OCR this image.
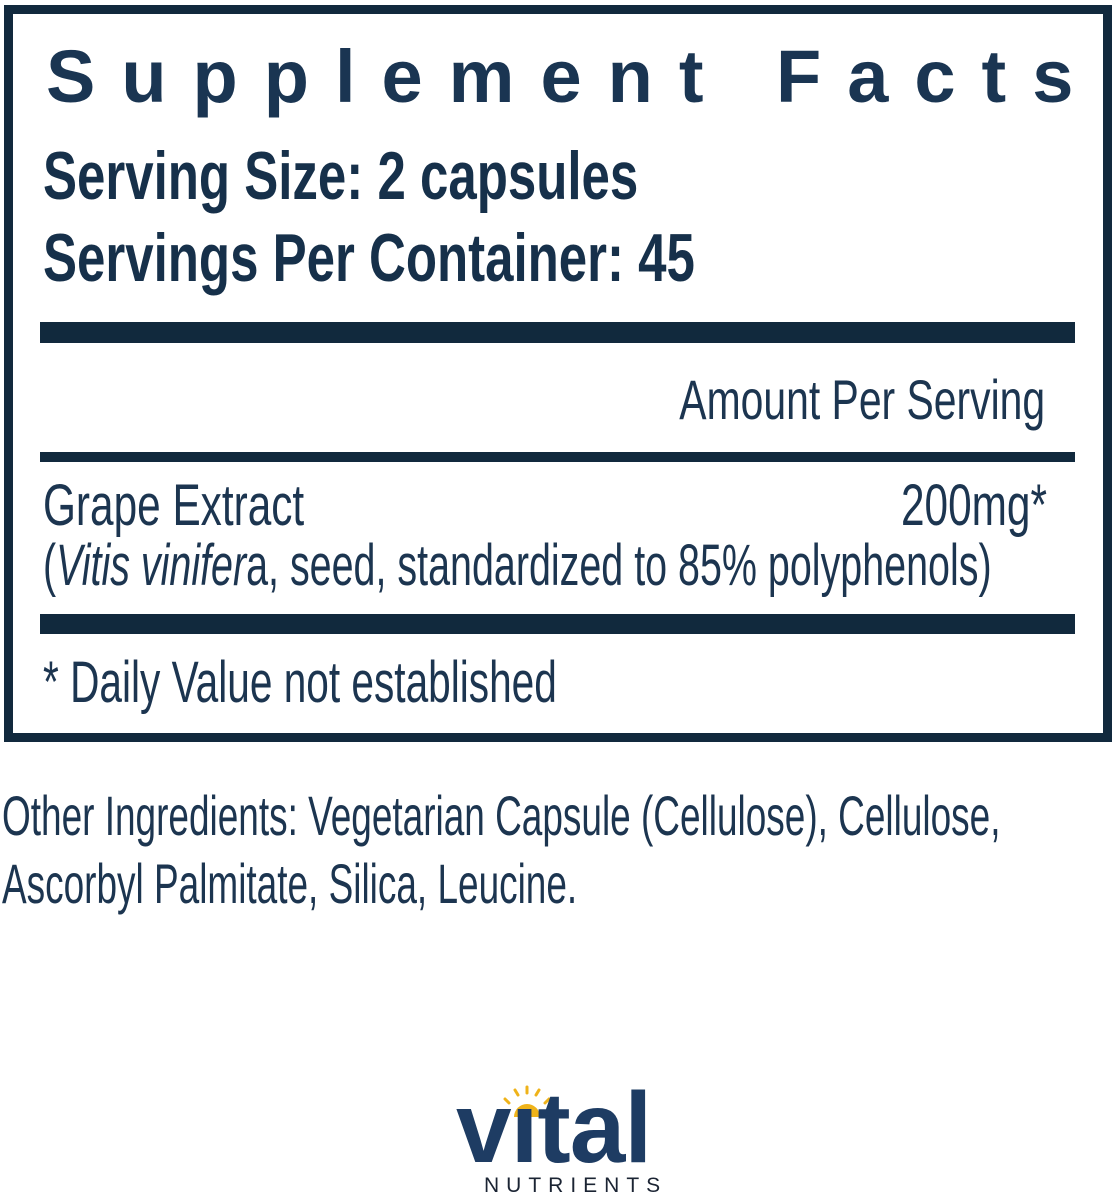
Supplement Facts
Serving Size: 2 capsules
Servings Per Container: 45
Amount Per Serving
Grape Extract	200mg*
(Vitis vinifera, seed, standardized to 85% polyphenols)
* Daily Value not established
Other Ingredients: Vegetarian Capsule (Cellulose), Cellulose,
Ascorbyl Palmitate, Silica, Leucine.
vıtal
NUTRIENTS
